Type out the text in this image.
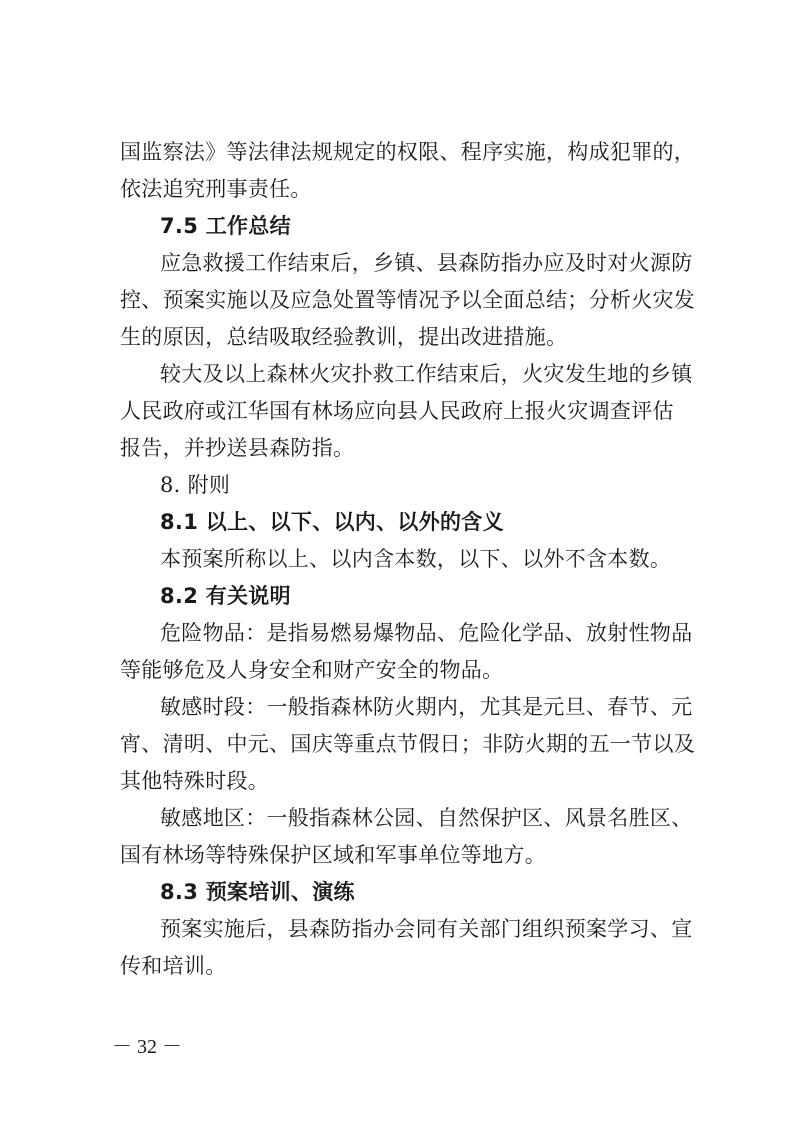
国监察法》等法律法规规定的权限、程序实施，构成犯罪的，
依法追究刑事责任。
7.5 工作总结
应急救援工作结束后，乡镇、县森防指办应及时对火源防
控、预案实施以及应急处置等情况予以全面总结；分析火灾发
生的原因，总结吸取经验教训，提出改进措施。
较大及以上森林火灾扑救工作结束后，火灾发生地的乡镇
人民政府或江华国有林场应向县人民政府上报火灾调查评估
报告，并抄送县森防指。
8. 附则
8.1 以上、以下、以内、以外的含义
本预案所称以上、以内含本数，以下、以外不含本数。
8.2 有关说明
危险物品：是指易燃易爆物品、危险化学品、放射性物品
等能够危及人身安全和财产安全的物品。
敏感时段：一般指森林防火期内，尤其是元旦、春节、元
宵、清明、中元、国庆等重点节假日；非防火期的五一节以及
其他特殊时段。
敏感地区：一般指森林公园、自然保护区、风景名胜区、
国有林场等特殊保护区域和军事单位等地方。
8.3 预案培训、演练
预案实施后，县森防指办会同有关部门组织预案学习、宣
传和培训。
－ 32 －
